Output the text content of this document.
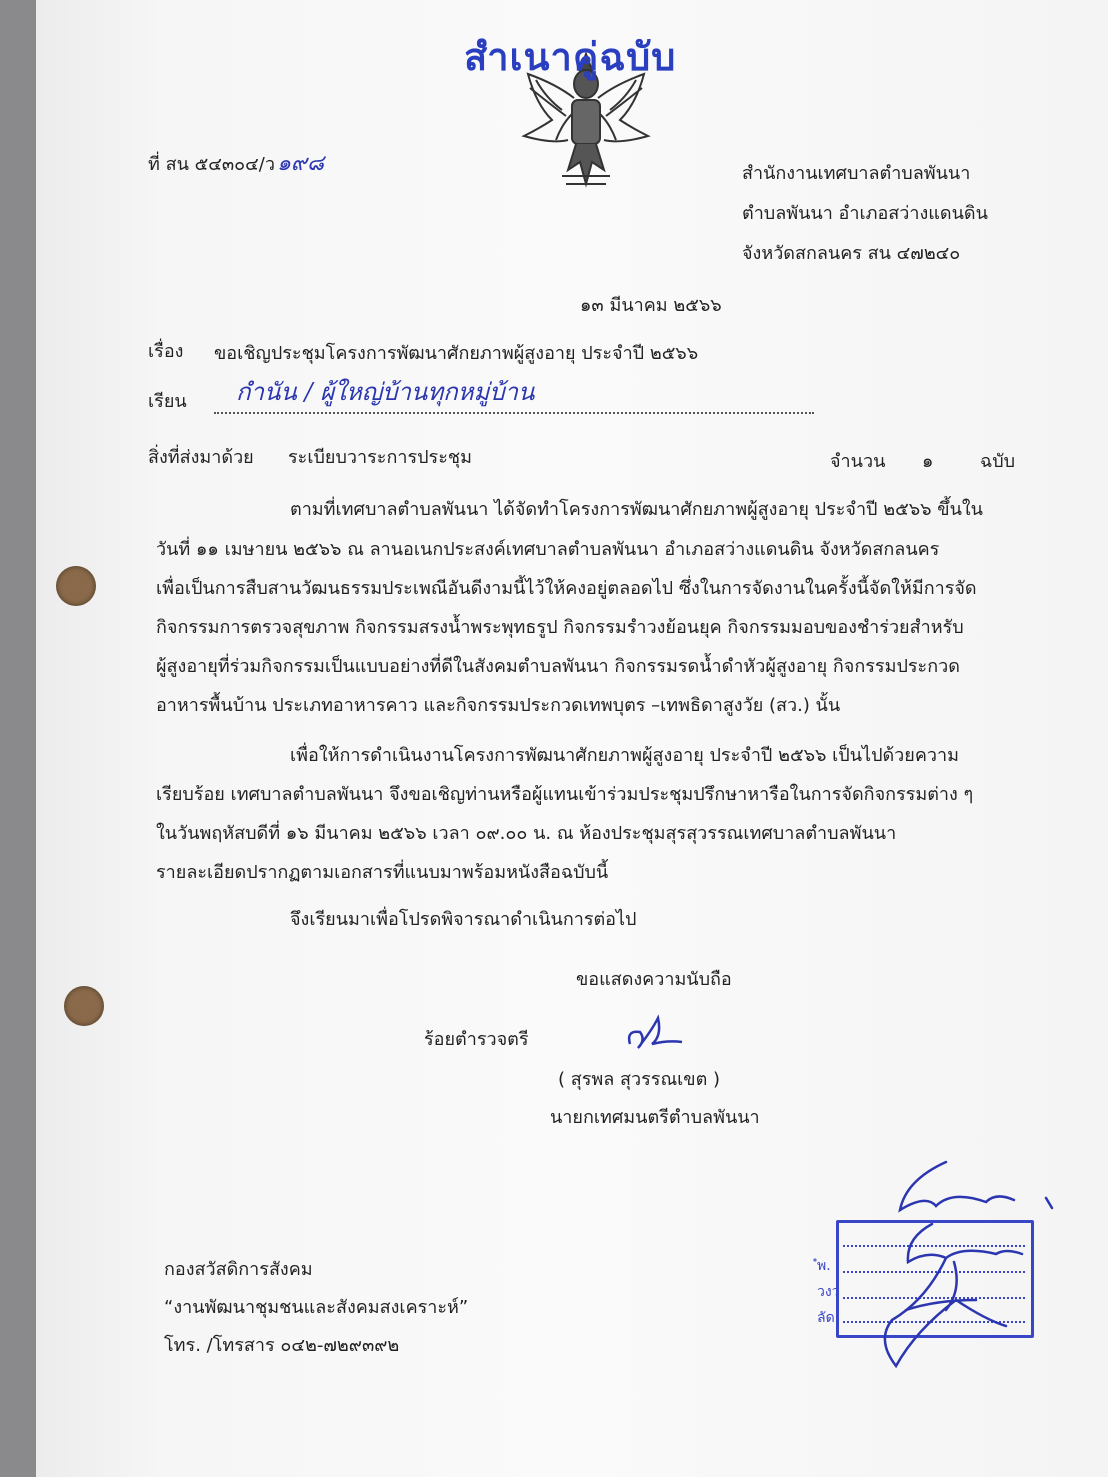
สำเนาคู่ฉบับ
ที่ สน ๕๔๓๐๔/ว๑๙๘	สำนักงานเทศบาลตำบลพันนา
ตำบลพันนา อำเภอสว่างแดนดิน
จังหวัดสกลนคร สน ๔๗๒๔๐
๑๓ มีนาคม ๒๕๖๖
เรื่อง ขอเชิญประชุมโครงการพัฒนาศักยภาพผู้สูงอายุ ประจำปี ๒๕๖๖
เรียน กำนัน / ผู้ใหญ่บ้านทุกหมู่บ้าน
สิ่งที่ส่งมาด้วย ระเบียบวาระการประชุม	จำนวน ๑	ฉบับ
ตามที่เทศบาลตำบลพันนา ได้จัดทำโครงการพัฒนาศักยภาพผู้สูงอายุ ประจำปี ๒๕๖๖ ขึ้นใน
วันที่ ๑๑ เมษายน ๒๕๖๖ ณ ลานอเนกประสงค์เทศบาลตำบลพันนา อำเภอสว่างแดนดิน จังหวัดสกลนคร
เพื่อเป็นการสืบสานวัฒนธรรมประเพณีอันดีงามนี้ไว้ให้คงอยู่ตลอดไป ซึ่งในการจัดงานในครั้งนี้จัดให้มีการจัด
กิจกรรมการตรวจสุขภาพ กิจกรรมสรงน้ำพระพุทธรูป กิจกรรมรำวงย้อนยุค กิจกรรมมอบของชำร่วยสำหรับ
ผู้สูงอายุที่ร่วมกิจกรรมเป็นแบบอย่างที่ดีในสังคมตำบลพันนา กิจกรรมรดน้ำดำหัวผู้สูงอายุ กิจกรรมประกวด
อาหารพื้นบ้าน ประเภทอาหารคาว และกิจกรรมประกวดเทพบุตร –เทพธิดาสูงวัย (สว.) นั้น
เพื่อให้การดำเนินงานโครงการพัฒนาศักยภาพผู้สูงอายุ ประจำปี ๒๕๖๖ เป็นไปด้วยความ
เรียบร้อย เทศบาลตำบลพันนา จึงขอเชิญท่านหรือผู้แทนเข้าร่วมประชุมปรึกษาหารือในการจัดกิจกรรมต่าง ๆ
ในวันพฤหัสบดีที่ ๑๖ มีนาคม ๒๕๖๖ เวลา ๐๙.๐๐ น. ณ ห้องประชุมสุรสุวรรณเทศบาลตำบลพันนา
รายละเอียดปรากฏตามเอกสารที่แนบมาพร้อมหนังสือฉบับนี้
จึงเรียนมาเพื่อโปรดพิจารณาดำเนินการต่อไป
ขอแสดงความนับถือ
ร้อยตำรวจตรี
( สุรพล สุวรรณเขต )
นายกเทศมนตรีตำบลพันนา
กองสวัสดิการสังคม
“งานพัฒนาชุมชนและสังคมสงเคราะห์”
โทร. /โทรสาร ๐๔๒-๗๒๙๓๙๒
ํพ.
วงว
ลัด.
